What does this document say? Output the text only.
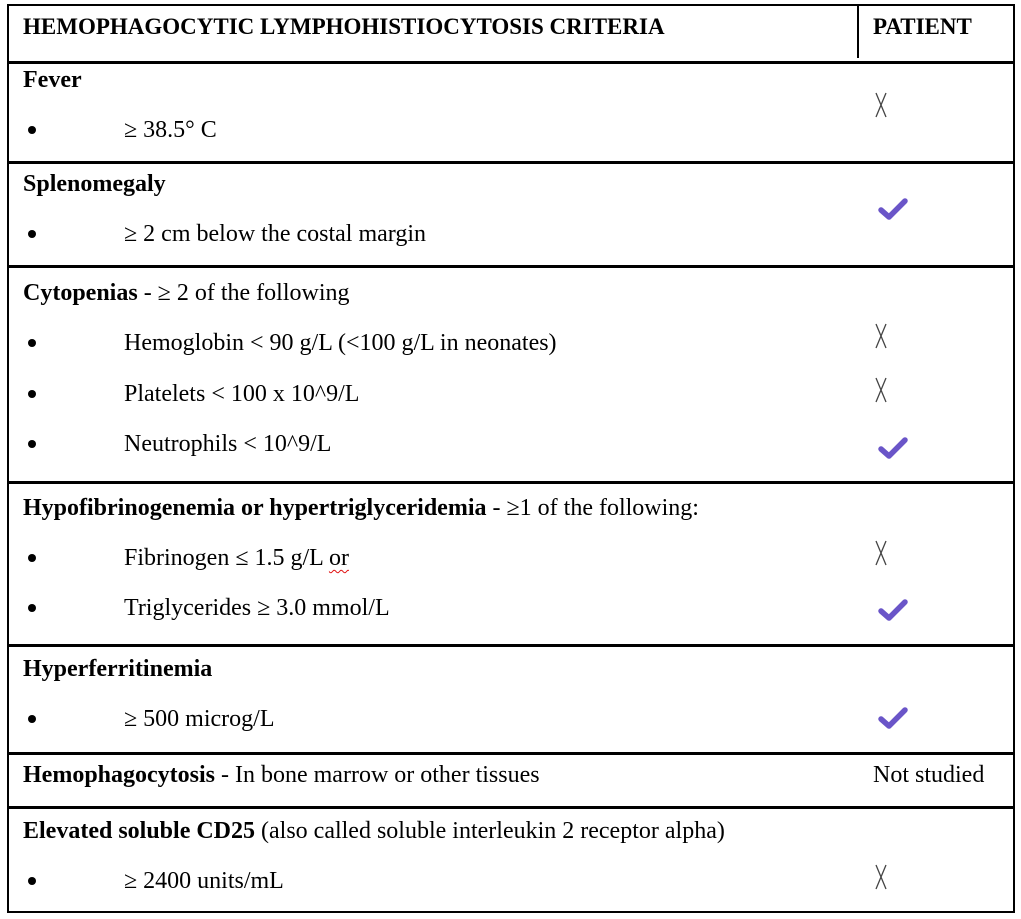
HEMOPHAGOCYTIC LYMPHOHISTIOCYTOSIS CRITERIA	PATIENT
Fever
≥ 38.5° C
Splenomegaly
≥ 2 cm below the costal margin
Cytopenias - ≥ 2 of the following
Hemoglobin < 90 g/L (<100 g/L in neonates)
Platelets < 100 x 10^9/L
Neutrophils < 10^9/L
Hypofibrinogenemia or hypertriglyceridemia - ≥1 of the following:
Fibrinogen ≤ 1.5 g/L or
Triglycerides ≥ 3.0 mmol/L
Hyperferritinemia
≥ 500 microg/L
Hemophagocytosis - In bone marrow or other tissues	Not studied
Elevated soluble CD25 (also called soluble interleukin 2 receptor alpha)
≥ 2400 units/mL
